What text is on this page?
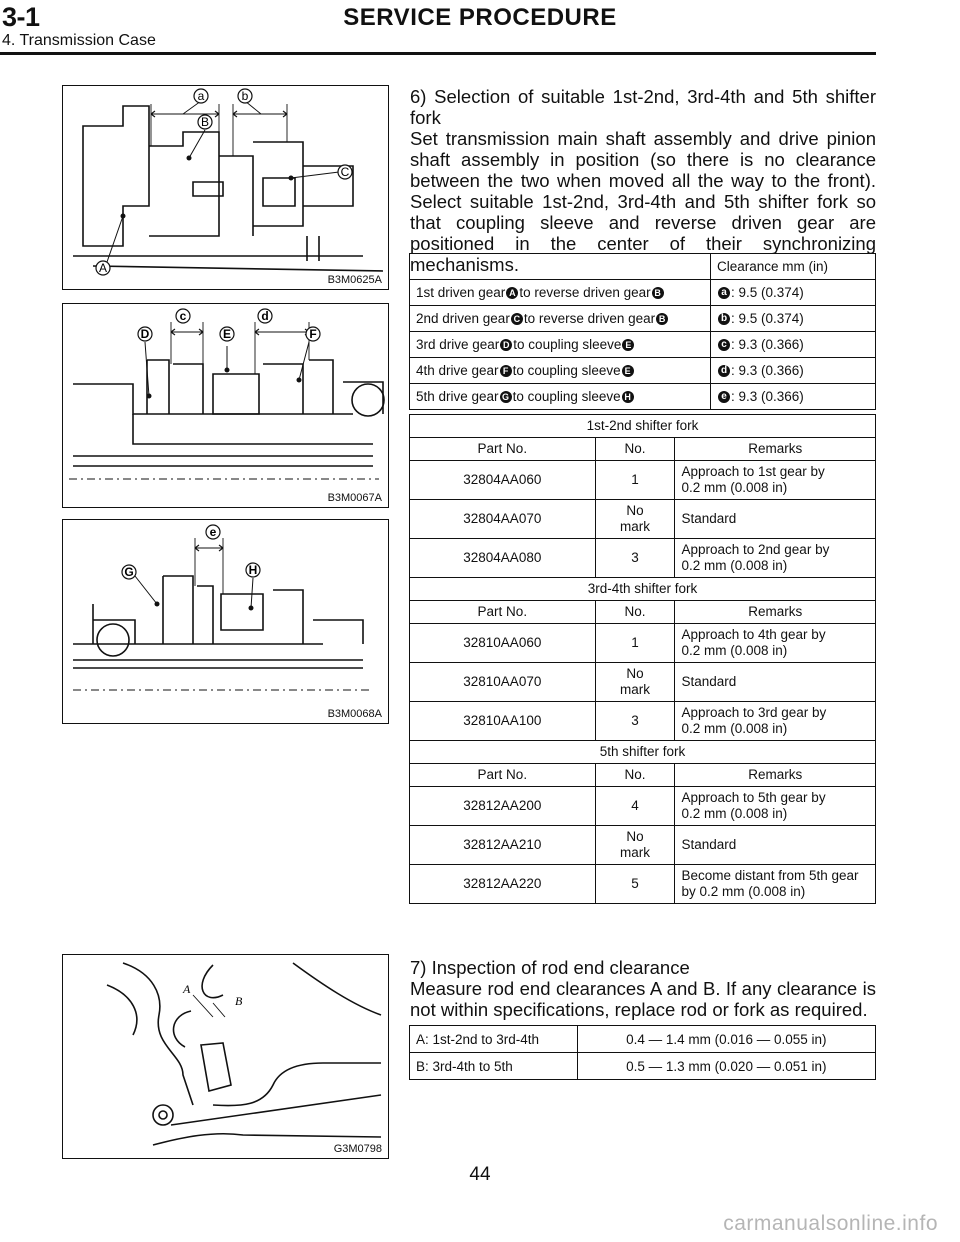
3-1	SERVICE PROCEDURE
4. Transmission Case
a	b
B
C
A
B3M0625A
c	d
D	E	F
B3M0067A
e
G	H
B3M0068A
A
B
G3M0798

6) Selection of suitable 1st-2nd, 3rd-4th and 5th shifter fork

Set transmission main shaft assembly and drive pinion shaft assembly in position (so there is no clearance between the two when moved all the way to the front). Select suitable 1st-2nd, 3rd-4th and 5th shifter fork so that coupling sleeve and reverse driven gear are positioned in the center of their synchronizing mechanisms.

		Clearance mm (in)
1st driven gear A to reverse driven gear B	a : 9.5 (0.374)
2nd driven gear C to reverse driven gear B	b : 9.5 (0.374)
3rd drive gear D to coupling sleeve E	c : 9.3 (0.366)
4th drive gear F to coupling sleeve E	d : 9.3 (0.366)
5th drive gear G to coupling sleeve H	e : 9.3 (0.366)
1st-2nd shifter fork		
Part No.	No.	Remarks
32804AA060	1	Approach to 1st gear by
0.2 mm (0.008 in)
32804AA070	No
mark	Standard
32804AA080	3	Approach to 2nd gear by
0.2 mm (0.008 in)
3rd-4th shifter fork		
Part No.	No.	Remarks
32810AA060	1	Approach to 4th gear by
0.2 mm (0.008 in)
32810AA070	No
mark	Standard
32810AA100	3	Approach to 3rd gear by
0.2 mm (0.008 in)
5th shifter fork		
Part No.	No.	Remarks
32812AA200	4	Approach to 5th gear by
0.2 mm (0.008 in)
32812AA210	No
mark	Standard
32812AA220	5	Become distant from 5th gear
by 0.2 mm (0.008 in)

7) Inspection of rod end clearance

Measure rod end clearances A and B. If any clearance is not within specifications, replace rod or fork as required.

A: 1st-2nd to 3rd-4th	0.4 — 1.4 mm (0.016 — 0.055 in)
B: 3rd-4th to 5th	0.5 — 1.3 mm (0.020 — 0.051 in)
44
carmanualsonline.info
